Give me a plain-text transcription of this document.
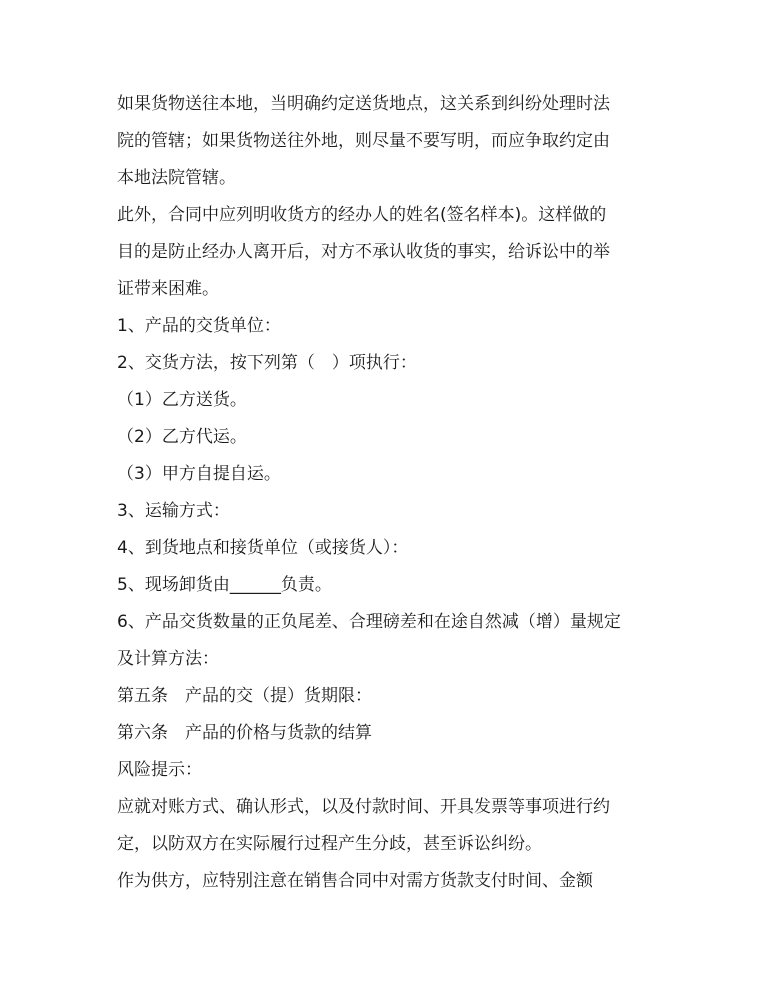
如果货物送往本地，当明确约定送货地点，这关系到纠纷处理时法
院的管辖；如果货物送往外地，则尽量不要写明，而应争取约定由
本地法院管辖。

此外，合同中应列明收货方的经办人的姓名(签名样本)。这样做的
目的是防止经办人离开后，对方不承认收货的事实，给诉讼中的举
证带来困难。

1、产品的交货单位：

2、交货方法，按下列第（　）项执行：

（1）乙方送货。

（2）乙方代运。

（3）甲方自提自运。

3、运输方式：

4、到货地点和接货单位（或接货人）：

5、现场卸货由______负责。

6、产品交货数量的正负尾差、合理磅差和在途自然减（增）量规定
及计算方法：

第五条　产品的交（提）货期限：

第六条　产品的价格与货款的结算

风险提示：

应就对账方式、确认形式，以及付款时间、开具发票等事项进行约
定，以防双方在实际履行过程产生分歧，甚至诉讼纠纷。

作为供方，应特别注意在销售合同中对需方货款支付时间、金额
